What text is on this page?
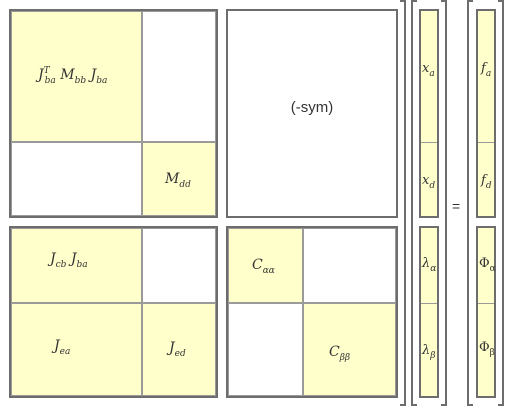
$J^T_{ba}$ $M_{bb}$ $J_{ba}$
$M_{dd}$
(-sym)
$J_{cb}$ $J_{ba}$
$J_{ea}$	$J_{ed}$
$C_{\alpha\alpha}$
$C_{\beta\beta}$
$x_a$
$x_d$
$\lambda_\alpha$
$\lambda_\beta$
=
$f_a$
$f_d$
$\Phi_\alpha$
$\Phi_\beta$
